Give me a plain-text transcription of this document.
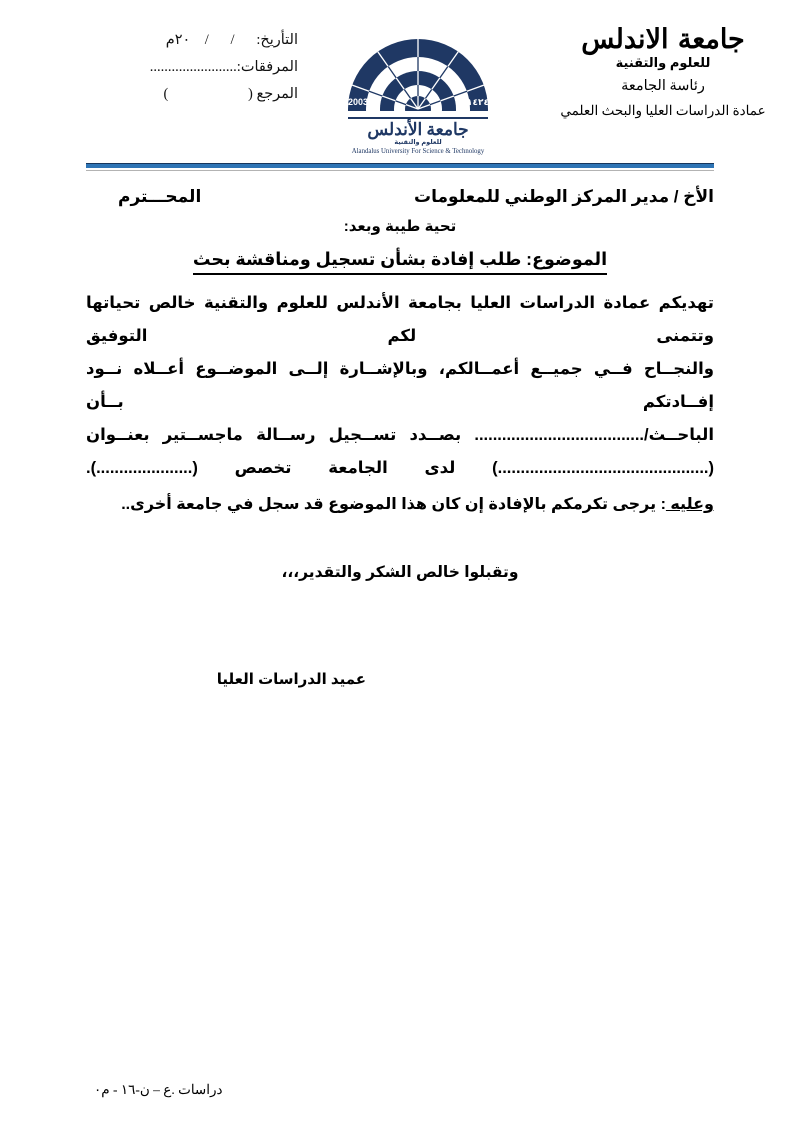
التأريخ:      /      /    ٢٠م
المرفقات:........................
المرجع (                      )	2003	١٤٢٤
جامعة الأندلس
للعلوم والتقنية
Alandalus University For Science & Technology
جامعة الاندلس
للعلوم والتقنية
رئاسة الجامعة
عمادة الدراسات العليا والبحث العلمي
الأخ / مدير المركز الوطني للمعلومات
المحـــترم
تحية طيبة وبعد:
الموضوع: طلب إفادة بشأن تسجيل ومناقشة بحث
تهديكم عمادة الدراسات العليا بجامعة الأندلس للعلوم والتقنية خالص تحياتها وتتمنى لكم التوفيق
والنجــاح فــي جميــع أعمــالكم، وبالإشــارة إلــى الموضــوع أعــلاه نــود إفــادتكم بــأن
الباحــث/..................................... بصــدد تســجيل رســالة ماجســتير بعنــوان
(..............................................) لدى الجامعة تخصص (.....................).
وعليه : يرجى تكرمكم بالإفادة إن كان هذا الموضوع قد سجل في جامعة أخرى..
وتقبلوا خالص الشكر والتقدير،،،
عميد الدراسات العليا
دراسات .ع – ن-١٦ - م٠
